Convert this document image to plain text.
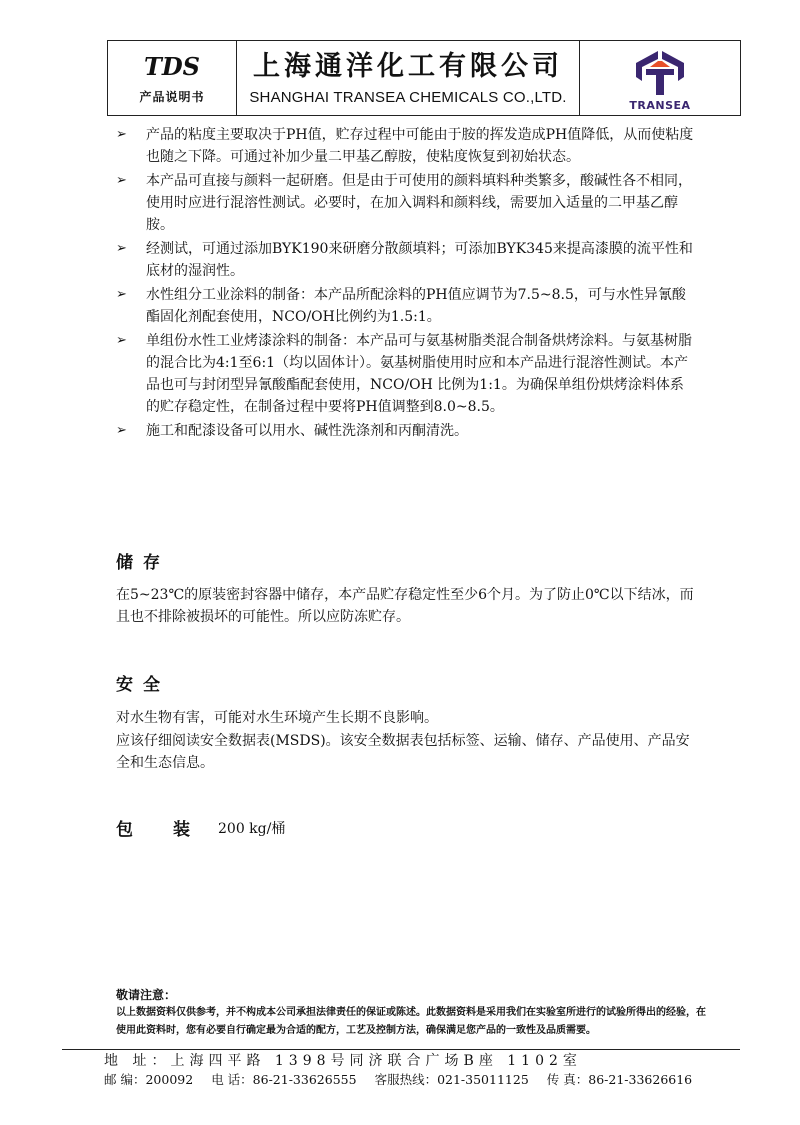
TDS
产品说明书
上海通洋化工有限公司
SHANGHAI TRANSEA CHEMICALS CO.,LTD.	TRANSEA
➢ 产品的粘度主要取决于PH值，贮存过程中可能由于胺的挥发造成PH值降低，从而使粘度也随之下降。可通过补加少量二甲基乙醇胺，使粘度恢复到初始状态。
➢ 本产品可直接与颜料一起研磨。但是由于可使用的颜料填料种类繁多，酸碱性各不相同，使用时应进行混溶性测试。必要时，在加入调料和颜料线，需要加入适量的二甲基乙醇胺。
➢ 经测试，可通过添加BYK190来研磨分散颜填料；可添加BYK345来提高漆膜的流平性和底材的湿润性。
➢ 水性组分工业涂料的制备：本产品所配涂料的PH值应调节为7.5~8.5，可与水性异氰酸酯固化剂配套使用，NCO/OH比例约为1.5:1。
➢ 单组份水性工业烤漆涂料的制备：本产品可与氨基树脂类混合制备烘烤涂料。与氨基树脂的混合比为4:1至6:1（均以固体计）。氨基树脂使用时应和本产品进行混溶性测试。本产品也可与封闭型异氰酸酯配套使用，NCO/OH 比例为1:1。为确保单组份烘烤涂料体系的贮存稳定性，在制备过程中要将PH值调整到8.0~8.5。
➢ 施工和配漆设备可以用水、碱性洗涤剂和丙酮清洗。
储存
在5~23℃的原装密封容器中储存，本产品贮存稳定性至少6个月。为了防止0℃以下结冰，而且也不排除被损坏的可能性。所以应防冻贮存。
安全
对水生物有害，可能对水生环境产生长期不良影响。
应该仔细阅读安全数据表(MSDS)。该安全数据表包括标签、运输、储存、产品使用、产品安全和生态信息。
包装
200 kg/桶
敬请注意：
以上数据资料仅供参考，并不构成本公司承担法律责任的保证或陈述。此数据资料是采用我们在实验室所进行的试验所得出的经验，在使用此资料时，您有必要自行确定最为合适的配方，工艺及控制方法，确保满足您产品的一致性及品质需要。
地 址：上海四平路 1398号同济联合广场B座 1102室
邮 编：200092 电 话：86-21-33626555 客服热线：021-35011125 传 真：86-21-33626616
